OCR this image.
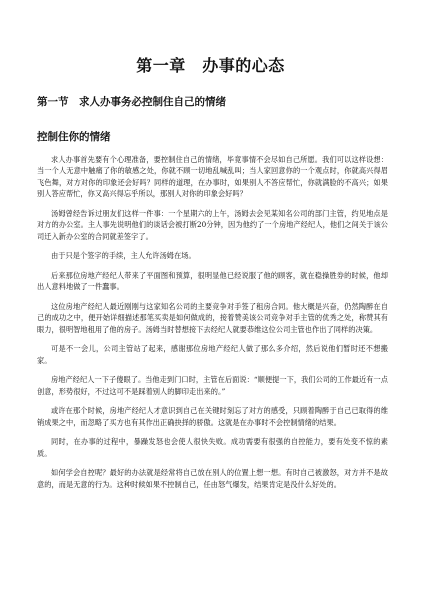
第一章　办事的心态
第一节　求人办事务必控制住自己的情绪
控制住你的情绪

求人办事首先要有个心理准备，要控制住自己的情绪，毕竟事情不会尽如自己所愿。我们可以这样设想：当一个人无意中触痛了你的敏感之处，你就不顾一切地乱喊乱叫；当人家回意你的一个观点时，你就高兴得眉飞色舞，对方对你的印象还会好吗？同样的道理，在办事时，如果别人不答应帮忙，你就满脸的不高兴；如果别人答应帮忙，你又高兴得忘乎所以，那别人对你的印象会好吗？

汤姆曾经告诉过朋友们这样一件事：一个星期六的上午，汤姆去会见某知名公司的部门主管，约见地点是对方的办公室。主人事先说明他们的谈话会被打断20分钟，因为他约了一个房地产经纪人，他们之间关于该公司迁入新办公室的合同就差签字了。

由于只是个签字的手续，主人允许汤姆在场。

后来那位房地产经纪人带来了平面图和预算，很明显他已经说服了他的顾客，就在稳操胜券的时候，他却出人意料地做了一件蠢事。

这位房地产经纪人最近刚刚与这家知名公司的主要竞争对手签了租房合同。他大概是兴奋，仍然陶醉在自己的成功之中，便开始详细描述那笔买卖是如何做成的，接着赞美该公司竞争对手主管的优秀之处，称赞其有眼力，很明智地租用了他的房子。汤姆当时替想接下去经纪人就要恭维这位公司主管也作出了同样的决策。

可是不一会儿，公司主管站了起来，感谢那位房地产经纪人做了那么多介绍，然后说他们暂时还不想搬家。

房地产经纪人一下子傻眼了。当他走到门口时，主管在后面说：“顺便提一下，我们公司的工作最近有一点创意，形势很好，不过这可不是踩着别人的脚印走出来的。”

或许在那个时候，房地产经纪人才意识到自己在关键时刻忘了对方的感受，只顾着陶醉于自己已取得的维销成果之中，而忽略了买方也有其作出正确抉择的骄傲。这就是在办事时不会控制情绪的结果。

同时，在办事的过程中，暴躁发怒也会使人很快失败。成功需要有很强的自控能力，要有处变不惊的素质。

如何学会自控呢？最好的办法就是经常将自己放在别人的位置上想一想。有时自己被激怒，对方并不是故意的，而是无意的行为。这种时候如果不控制自己，任由怒气爆发，结果肯定是没什么好处的。
